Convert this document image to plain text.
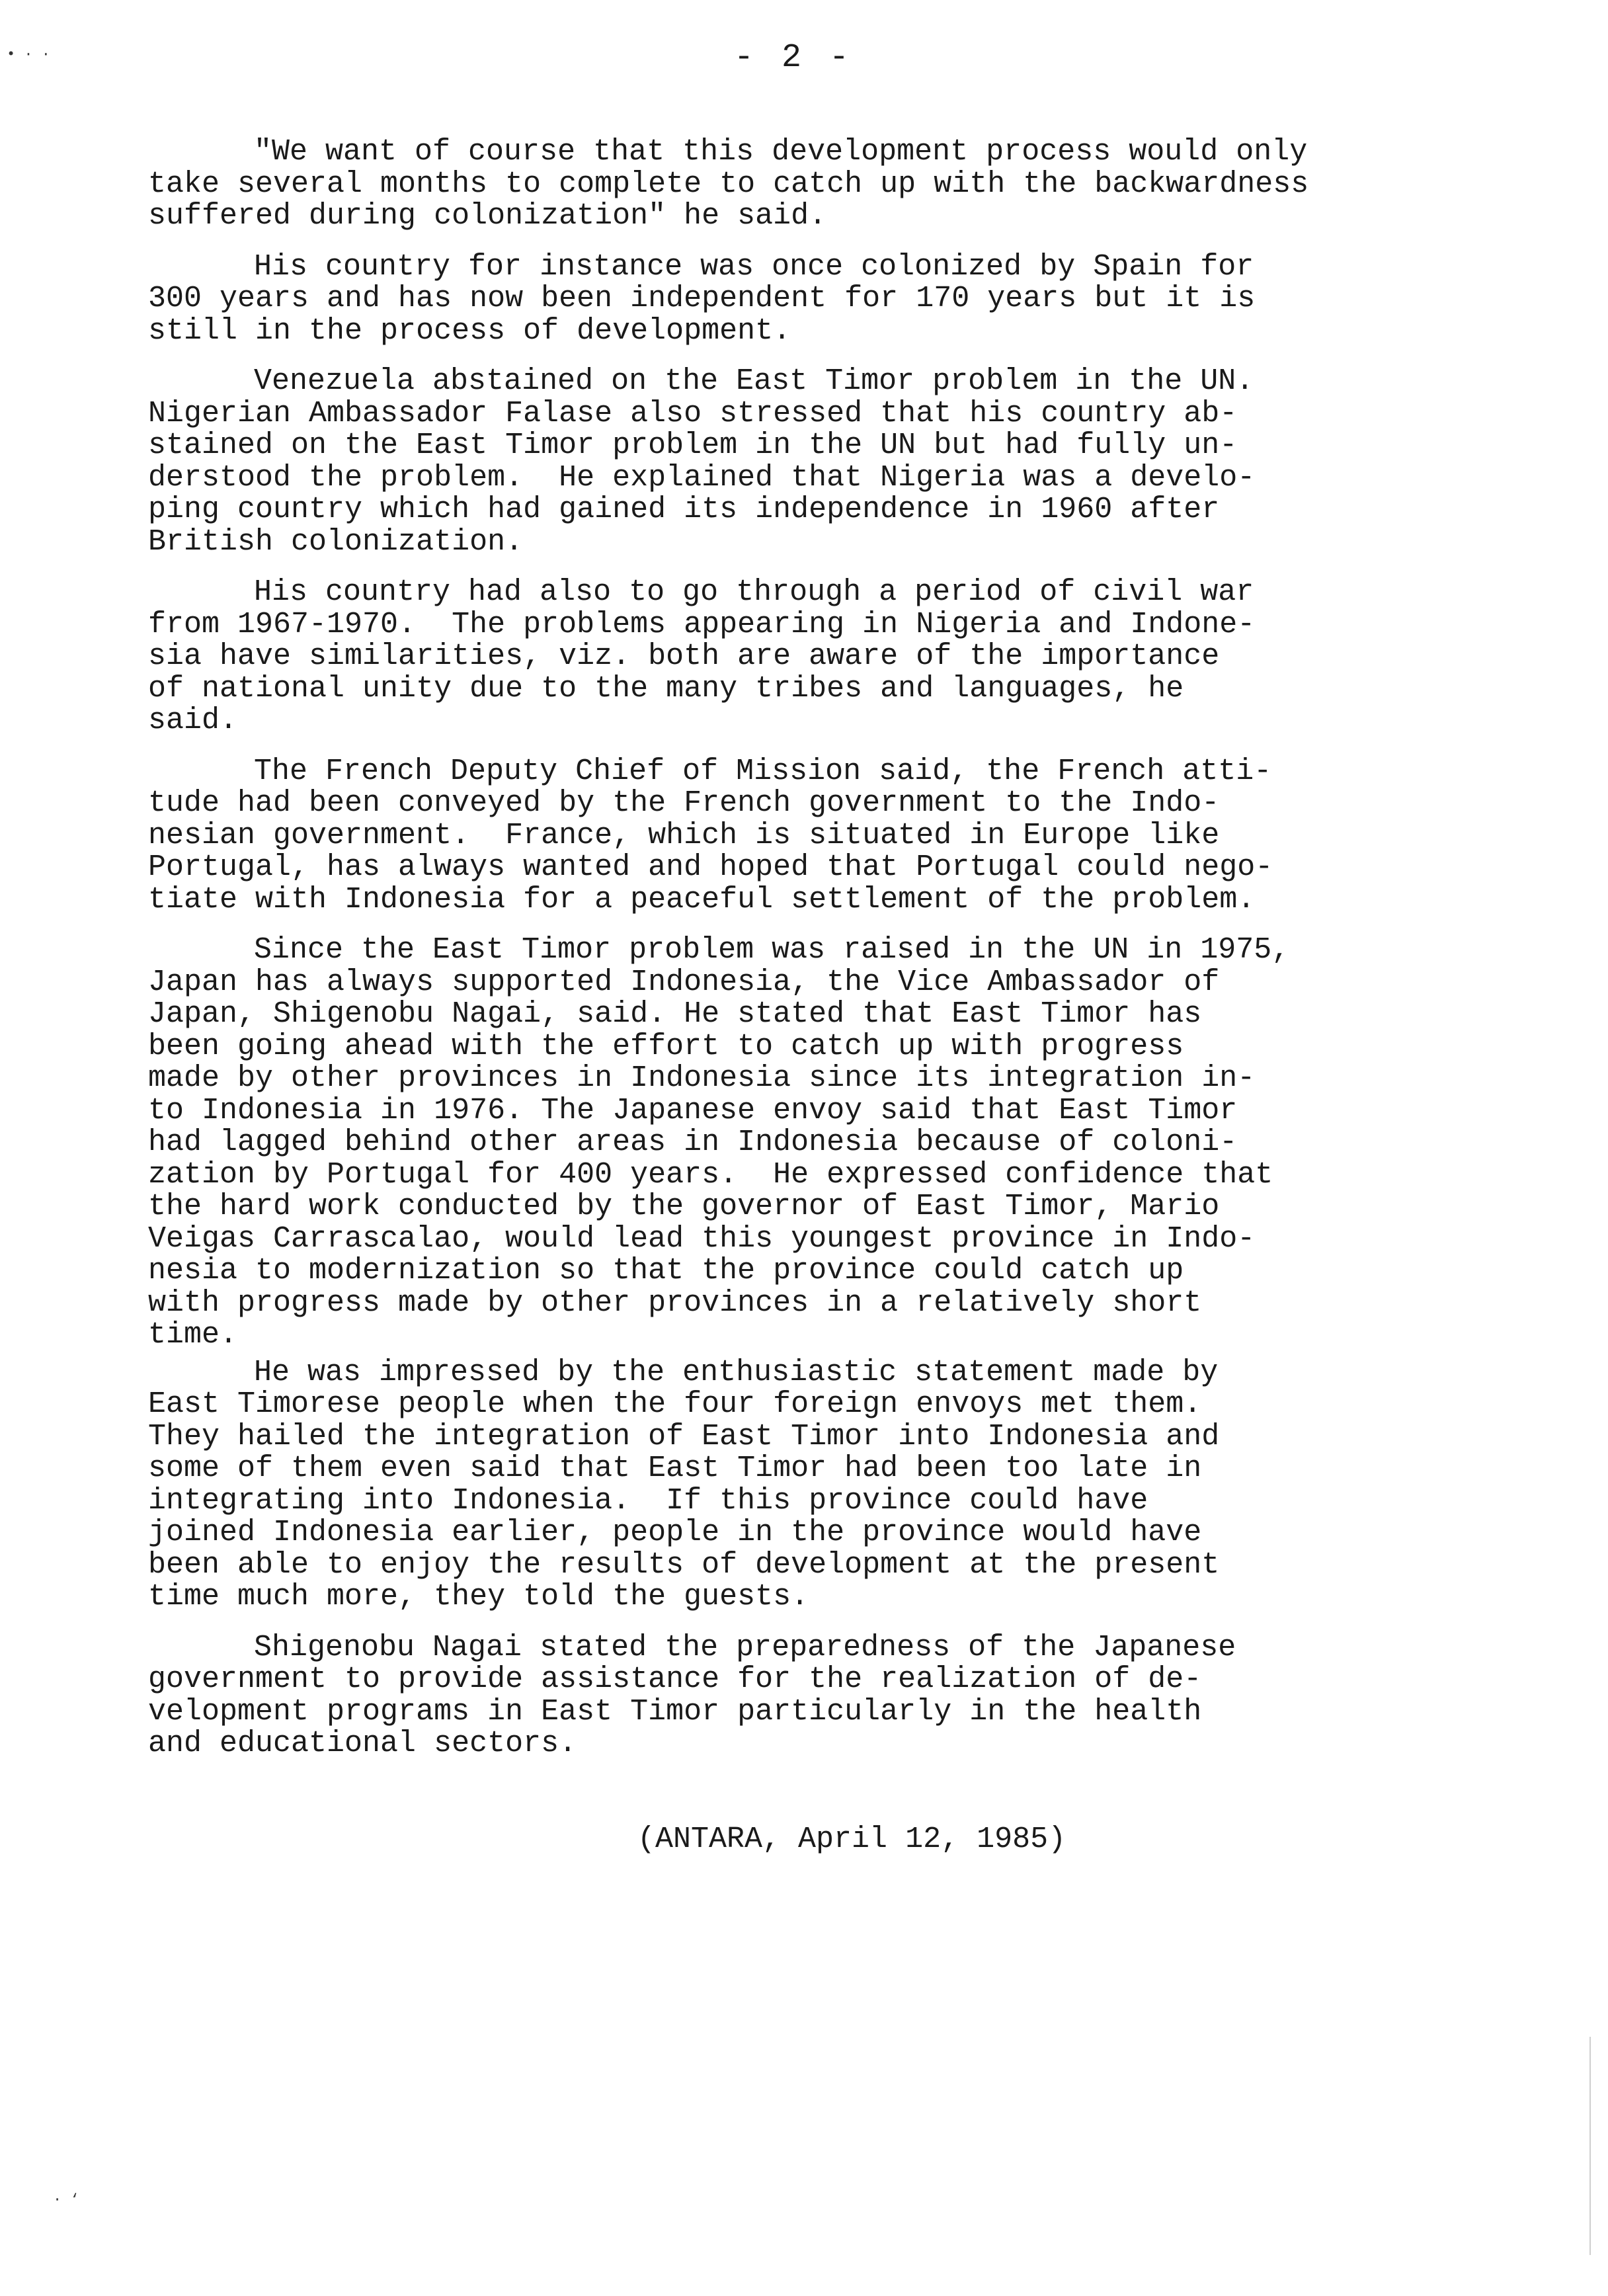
• · ·	- 2 -
"We want of course that this development process would only
take several months to complete to catch up with the backwardness
suffered during colonization" he said.
His country for instance was once colonized by Spain for
300 years and has now been independent for 170 years but it is
still in the process of development.
Venezuela abstained on the East Timor problem in the UN.
Nigerian Ambassador Falase also stressed that his country ab-
stained on the East Timor problem in the UN but had fully un-
derstood the problem.  He explained that Nigeria was a develo-
ping country which had gained its independence in 1960 after
British colonization.
His country had also to go through a period of civil war
from 1967-1970.  The problems appearing in Nigeria and Indone-
sia have similarities, viz. both are aware of the importance
of national unity due to the many tribes and languages, he
said.
The French Deputy Chief of Mission said, the French atti-
tude had been conveyed by the French government to the Indo-
nesian government.  France, which is situated in Europe like
Portugal, has always wanted and hoped that Portugal could nego-
tiate with Indonesia for a peaceful settlement of the problem.
Since the East Timor problem was raised in the UN in 1975,
Japan has always supported Indonesia, the Vice Ambassador of
Japan, Shigenobu Nagai, said. He stated that East Timor has
been going ahead with the effort to catch up with progress
made by other provinces in Indonesia since its integration in-
to Indonesia in 1976. The Japanese envoy said that East Timor
had lagged behind other areas in Indonesia because of coloni-
zation by Portugal for 400 years.  He expressed confidence that
the hard work conducted by the governor of East Timor, Mario
Veigas Carrascalao, would lead this youngest province in Indo-
nesia to modernization so that the province could catch up
with progress made by other provinces in a relatively short
time.
He was impressed by the enthusiastic statement made by
East Timorese people when the four foreign envoys met them.
They hailed the integration of East Timor into Indonesia and
some of them even said that East Timor had been too late in
integrating into Indonesia.  If this province could have
joined Indonesia earlier, people in the province would have
been able to enjoy the results of development at the present
time much more, they told the guests.
Shigenobu Nagai stated the preparedness of the Japanese
government to provide assistance for the realization of de-
velopment programs in East Timor particularly in the health
and educational sectors.
(ANTARA, April 12, 1985)
· ‘
